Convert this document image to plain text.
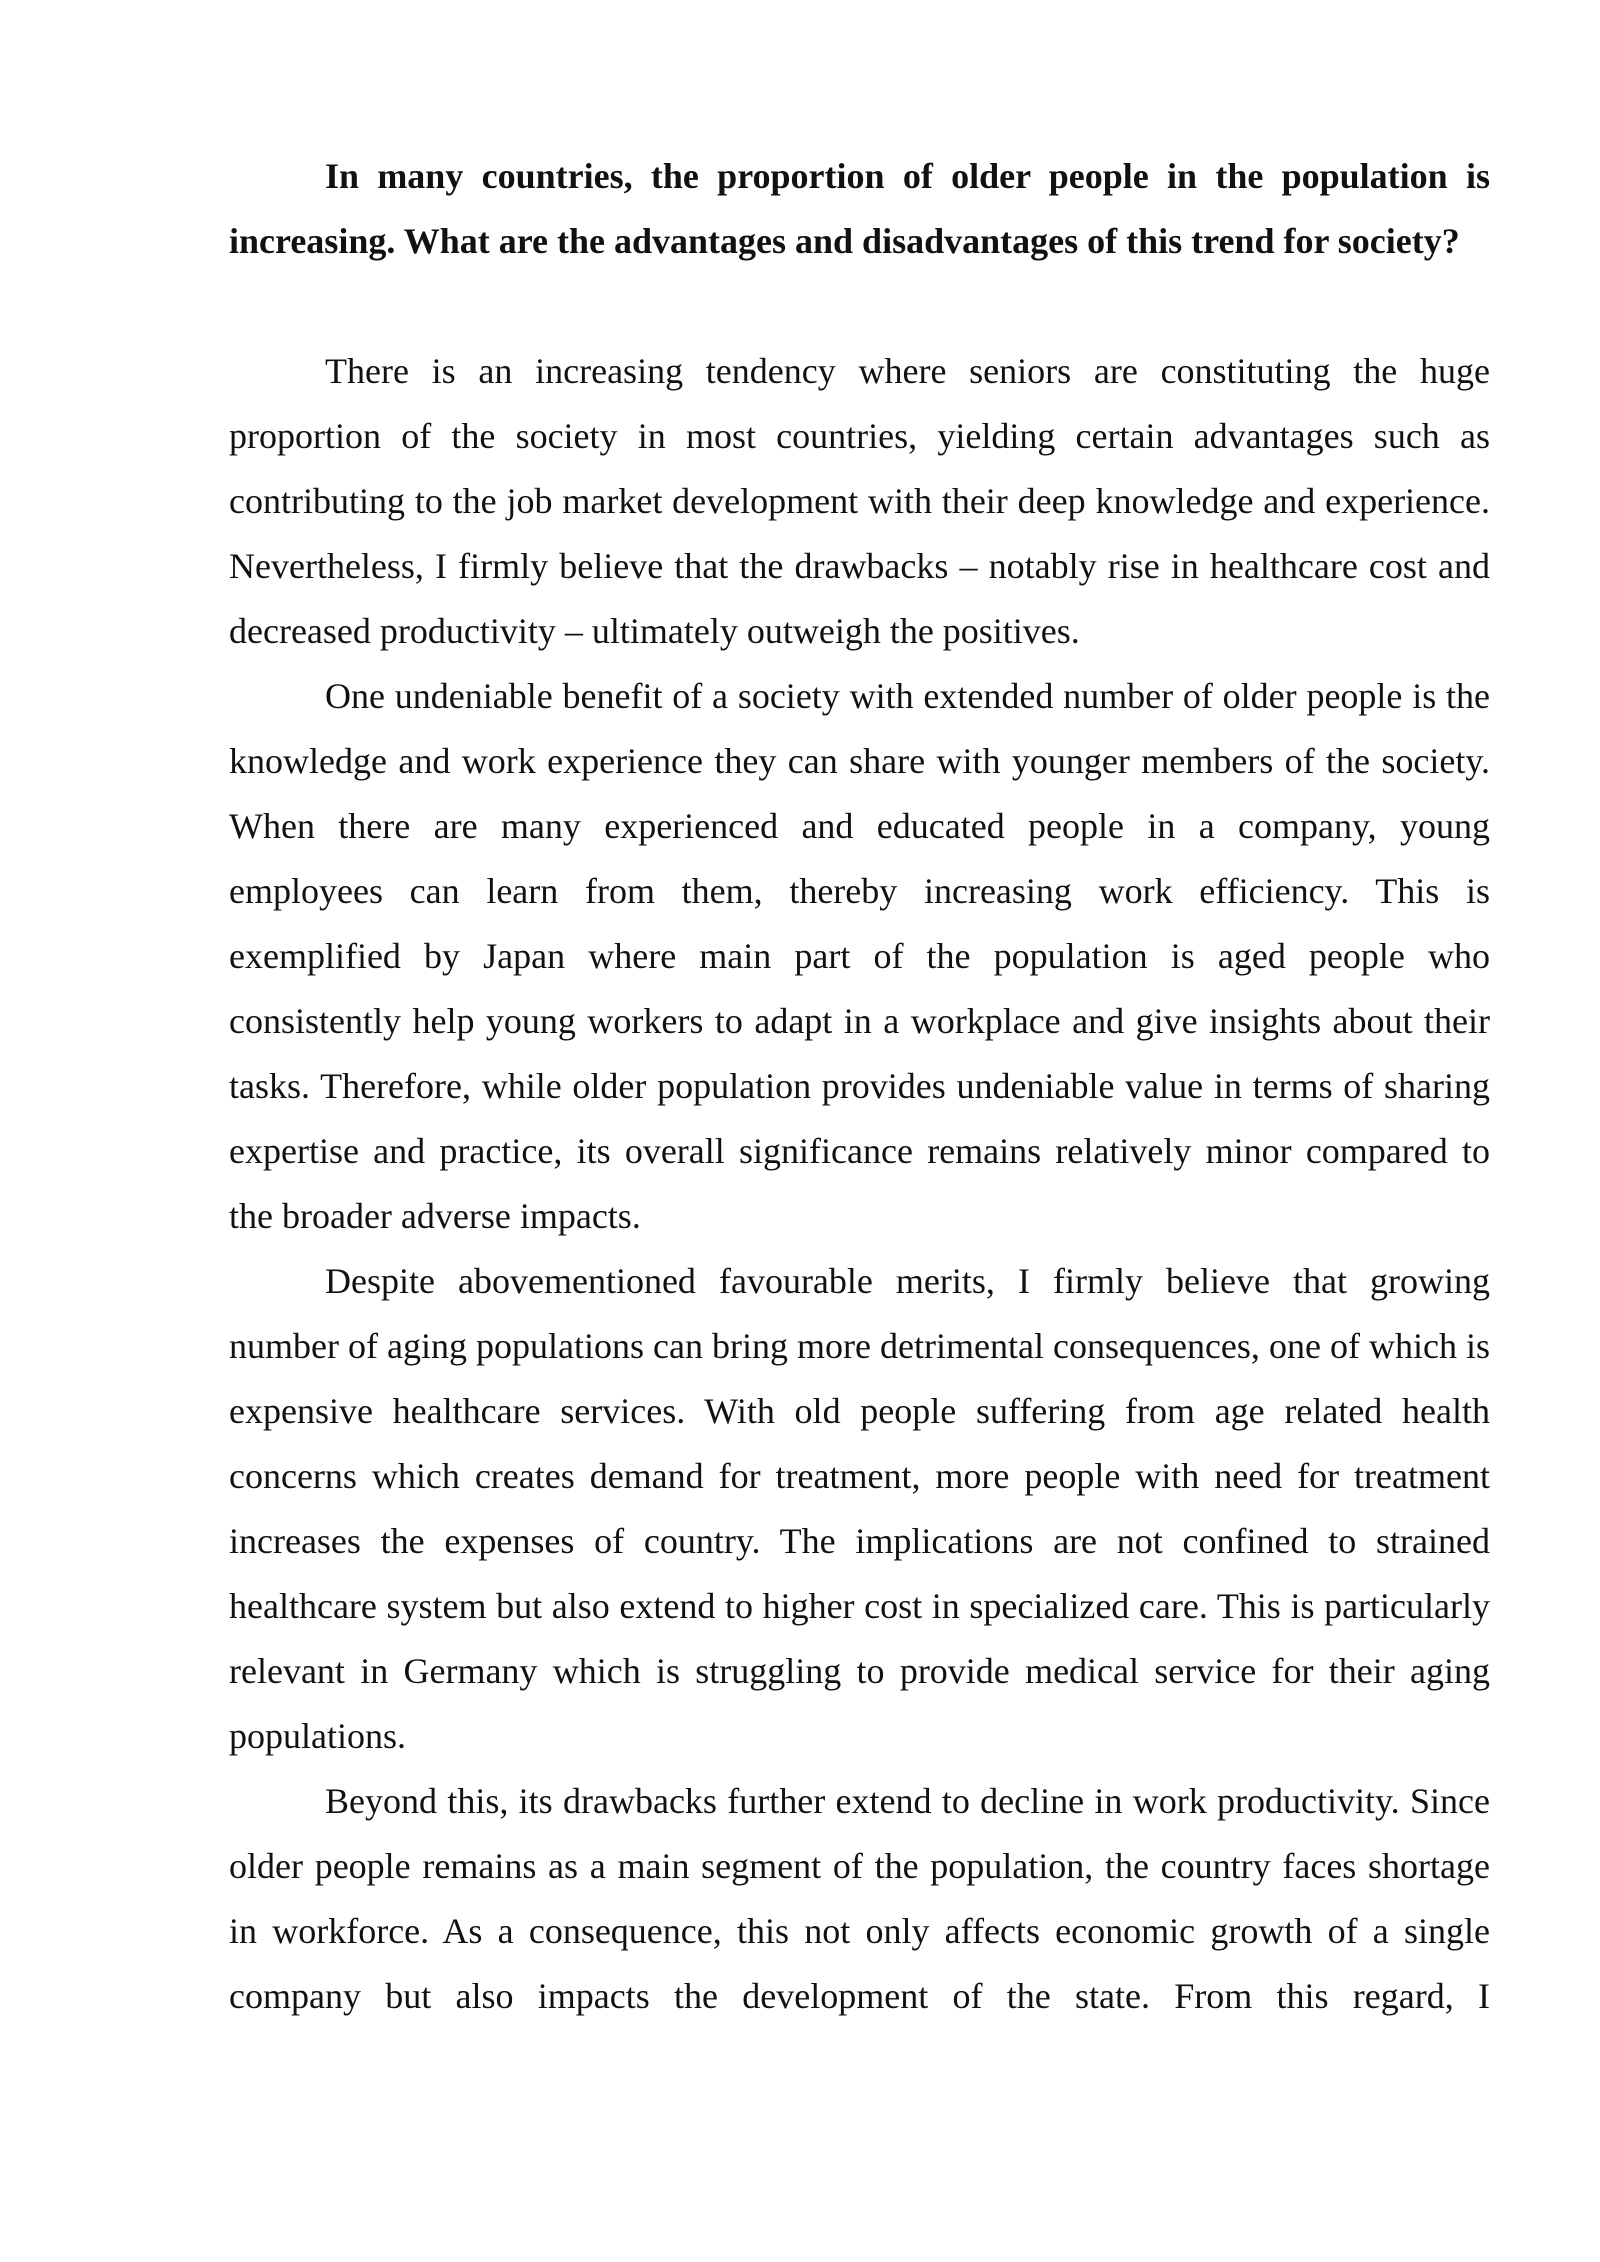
In many countries, the proportion of older people in the population is increasing. What are the advantages and disadvantages of this trend for society?

There is an increasing tendency where seniors are constituting the huge proportion of the society in most countries, yielding certain advantages such as contributing to the job market development with their deep knowledge and experience. Nevertheless, I firmly believe that the drawbacks – notably rise in healthcare cost and decreased productivity – ultimately outweigh the positives.

One undeniable benefit of a society with extended number of older people is the knowledge and work experience they can share with younger members of the society. When there are many experienced and educated people in a company, young employees can learn from them, thereby increasing work efficiency. This is exemplified by Japan where main part of the population is aged people who consistently help young workers to adapt in a workplace and give insights about their tasks. Therefore, while older population provides undeniable value in terms of sharing expertise and practice, its overall significance remains relatively minor compared to the broader adverse impacts.

Despite abovementioned favourable merits, I firmly believe that growing number of aging populations can bring more detrimental consequences, one of which is expensive healthcare services. With old people suffering from age related health concerns which creates demand for treatment, more people with need for treatment increases the expenses of country. The implications are not confined to strained healthcare system but also extend to higher cost in specialized care. This is particularly relevant in Germany which is struggling to provide medical service for their aging populations.

Beyond this, its drawbacks further extend to decline in work productivity. Since older people remains as a main segment of the population, the country faces shortage in workforce. As a consequence, this not only affects economic growth of a single company but also impacts the development of the state. From this regard, I
